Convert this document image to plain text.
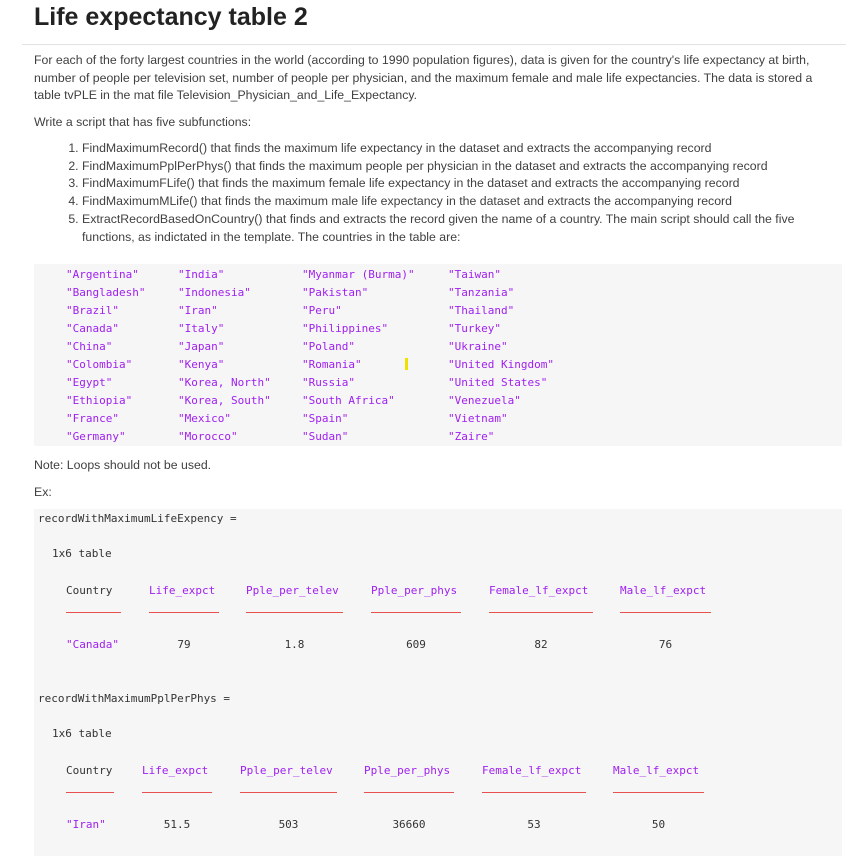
Life expectancy table 2

For each of the forty largest countries in the world (according to 1990 population figures), data is given for the country's life expectancy at birth, number of people per television set, number of people per physician, and the maximum female and male life expectancies. The data is stored a table tvPLE in the mat file Television_Physician_and_Life_Expectancy.

Write a script that has five subfunctions:

1. FindMaximumRecord() that finds the maximum life expectancy in the dataset and extracts the accompanying record
2. FindMaximumPplPerPhys() that finds the maximum people per physician in the dataset and extracts the accompanying record
3. FindMaximumFLife() that finds the maximum female life expectancy in the dataset and extracts the accompanying record
4. FindMaximumMLife() that finds the maximum male life expectancy in the dataset and extracts the accompanying record
5. ExtractRecordBasedOnCountry() that finds and extracts the record given the name of a country. The main script should call the five functions, as indictated in the template. The countries in the table are:
"Argentina"
"Bangladesh"
"Brazil"
"Canada"
"China"
"Colombia"
"Egypt"
"Ethiopia"
"France"
"Germany"
"India"
"Indonesia"
"Iran"
"Italy"
"Japan"
"Kenya"
"Korea, North"
"Korea, South"
"Mexico"
"Morocco"
"Myanmar (Burma)"
"Pakistan"
"Peru"
"Philippines"
"Poland"
"Romania"
"Russia"
"South Africa"
"Spain"
"Sudan"
"Taiwan"
"Tanzania"
"Thailand"
"Turkey"
"Ukraine"
"United Kingdom"
"United States"
"Venezuela"
"Vietnam"
"Zaire"

Note: Loops should not be used.

Ex:

recordWithMaximumLifeExpency =
1x6 table
Country
"Canada"
Life_expct
79
Pple_per_telev
1.8
Pple_per_phys
609
Female_lf_expct
82
Male_lf_expct
76
recordWithMaximumPplPerPhys =
1x6 table
Country
"Iran"
Life_expct
51.5
Pple_per_telev
503
Pple_per_phys
36660
Female_lf_expct
53
Male_lf_expct
50
